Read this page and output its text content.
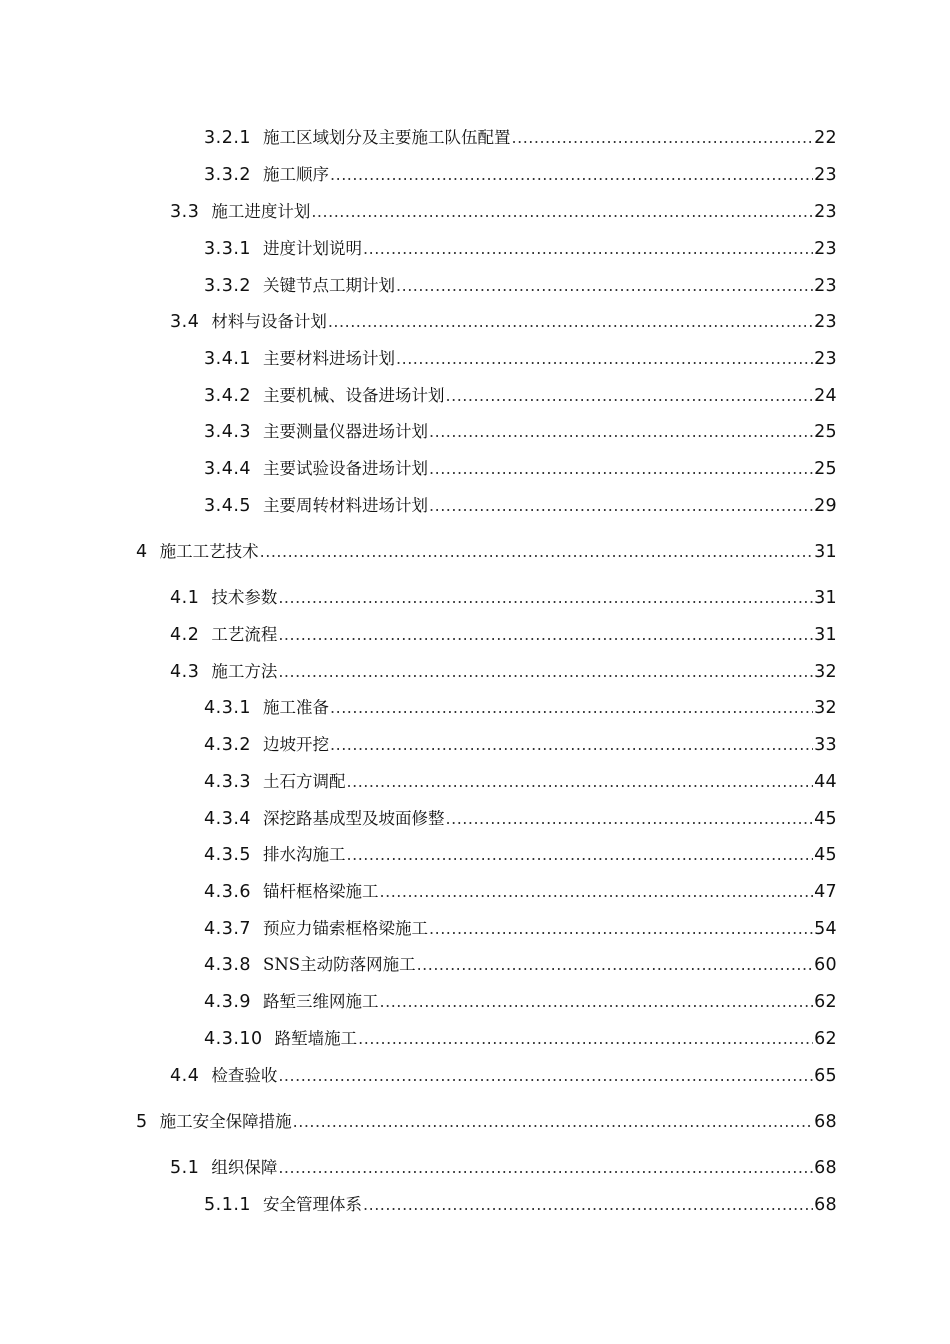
3.2.1 施工区域划分及主要施工队伍配置 .....	22
3.3.2 施工顺序 .....	23
3.3 施工进度计划 .....	23
3.3.1 进度计划说明 .....	23
3.3.2 关键节点工期计划 .....	23
3.4 材料与设备计划 .....	23
3.4.1 主要材料进场计划 .....	23
3.4.2 主要机械、设备进场计划 .....	24
3.4.3 主要测量仪器进场计划 .....	25
3.4.4 主要试验设备进场计划 .....	25
3.4.5 主要周转材料进场计划 .....	29
4 施工工艺技术 .....	31
4.1 技术参数 .....	31
4.2 工艺流程 .....	31
4.3 施工方法 .....	32
4.3.1 施工准备 .....	32
4.3.2 边坡开挖 .....	33
4.3.3 土石方调配 .....	44
4.3.4 深挖路基成型及坡面修整 .....	45
4.3.5 排水沟施工 .....	45
4.3.6 锚杆框格梁施工 .....	47
4.3.7 预应力锚索框格梁施工 .....	54
4.3.8 SNS主动防落网施工 .....	60
4.3.9 路堑三维网施工 .....	62
4.3.10 路堑墙施工 .....	62
4.4 检查验收 .....	65
5 施工安全保障措施 .....	68
5.1 组织保障 .....	68
5.1.1 安全管理体系 .....	68
